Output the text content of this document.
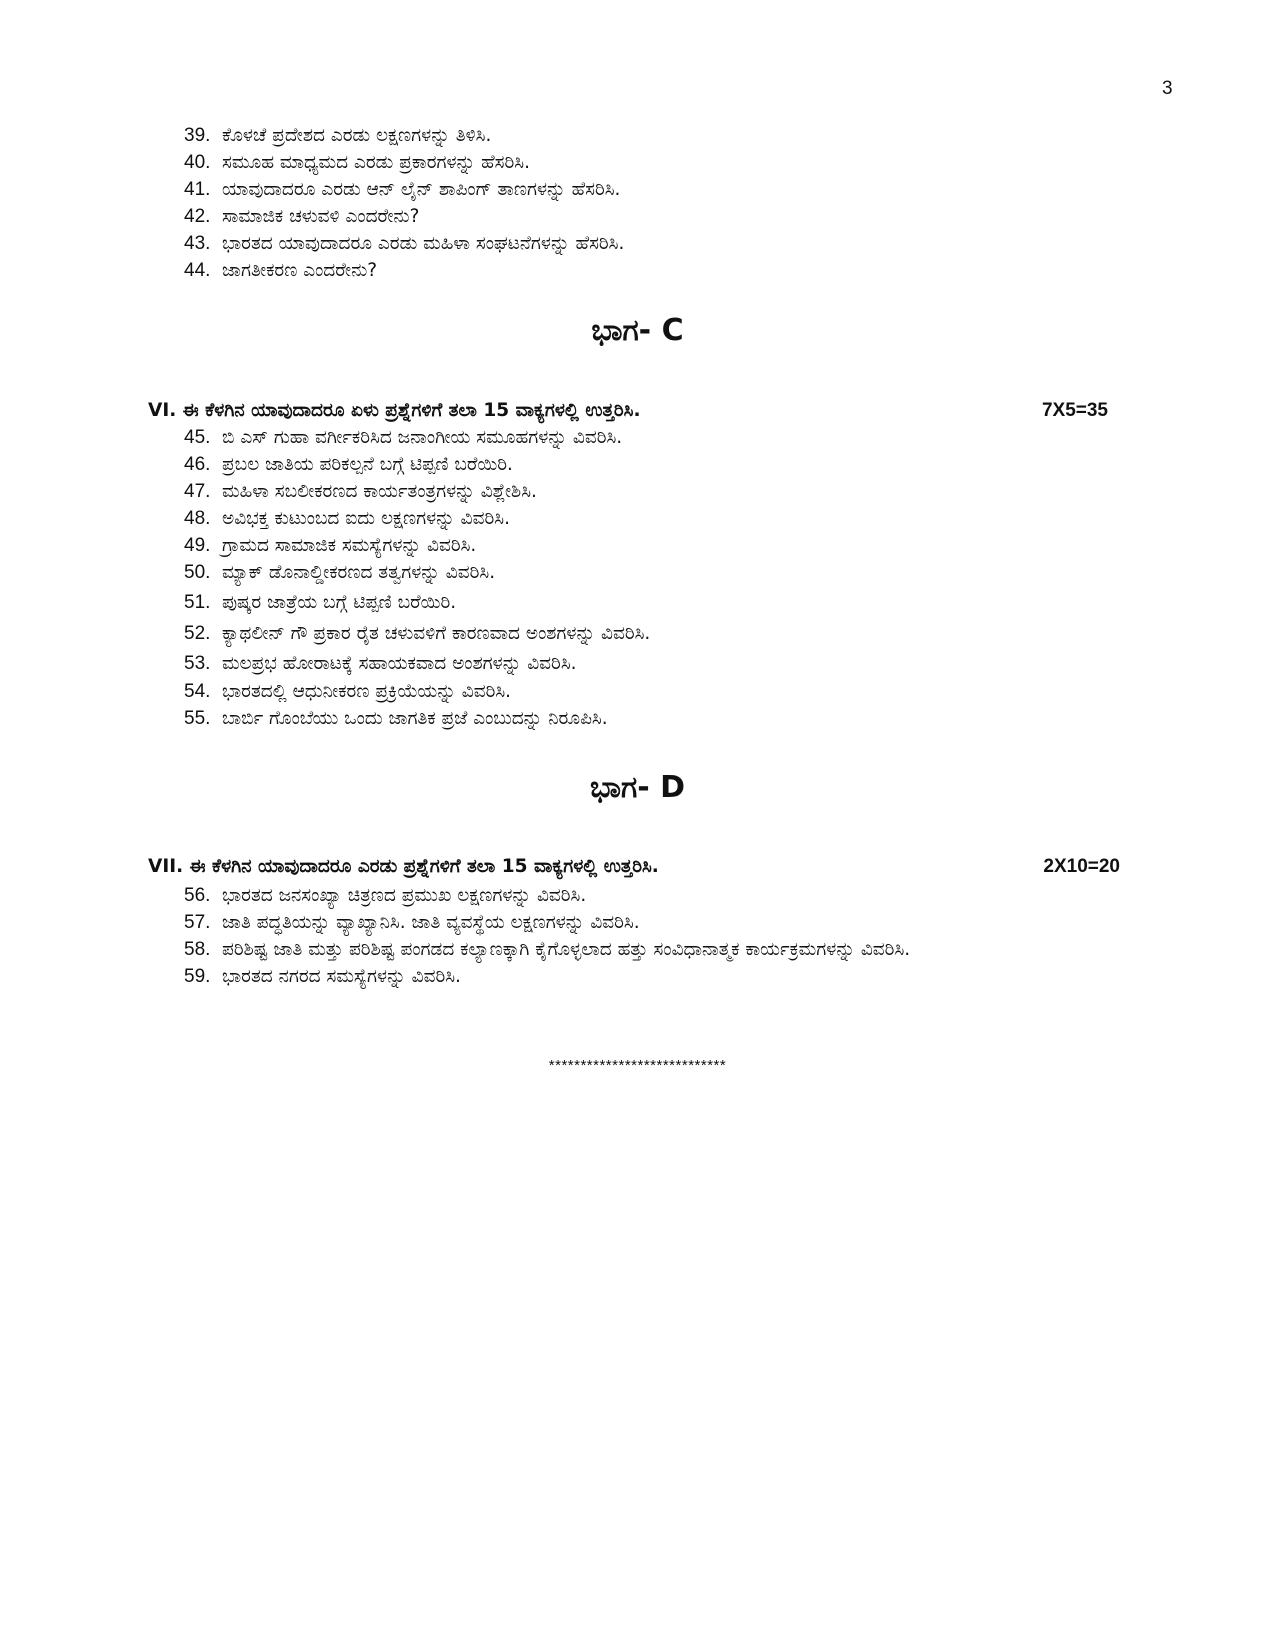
3
39. ಕೊಳಚೆ ಪ್ರದೇಶದ ಎರಡು ಲಕ್ಷಣಗಳನ್ನು ತಿಳಿಸಿ.
40. ಸಮೂಹ ಮಾಧ್ಯಮದ ಎರಡು ಪ್ರಕಾರಗಳನ್ನು ಹೆಸರಿಸಿ.
41. ಯಾವುದಾದರೂ ಎರಡು ಆನ್ ಲೈನ್ ಶಾಪಿಂಗ್ ತಾಣಗಳನ್ನು ಹೆಸರಿಸಿ.
42. ಸಾಮಾಜಿಕ ಚಳುವಳಿ ಎಂದರೇನು?
43. ಭಾರತದ ಯಾವುದಾದರೂ ಎರಡು ಮಹಿಳಾ ಸಂಘಟನೆಗಳನ್ನು ಹೆಸರಿಸಿ.
44. ಜಾಗತೀಕರಣ ಎಂದರೇನು?
ಭಾಗ- C
VI. ಈ ಕೆಳಗಿನ ಯಾವುದಾದರೂ ಏಳು ಪ್ರಶ್ನೆಗಳಿಗೆ ತಲಾ 15 ವಾಕ್ಯಗಳಲ್ಲಿ ಉತ್ತರಿಸಿ.	7X5=35
45. ಬಿ ಎಸ್ ಗುಹಾ ವರ್ಗೀಕರಿಸಿದ ಜನಾಂಗೀಯ ಸಮೂಹಗಳನ್ನು ವಿವರಿಸಿ.
46. ಪ್ರಬಲ ಜಾತಿಯ ಪರಿಕಲ್ಪನೆ ಬಗ್ಗೆ ಟಿಪ್ಪಣಿ ಬರೆಯಿರಿ.
47. ಮಹಿಳಾ ಸಬಲೀಕರಣದ ಕಾರ್ಯತಂತ್ರಗಳನ್ನು ವಿಶ್ಲೇಶಿಸಿ.
48. ಅವಿಭಕ್ತ ಕುಟುಂಬದ ಐದು ಲಕ್ಷಣಗಳನ್ನು ವಿವರಿಸಿ.
49. ಗ್ರಾಮದ ಸಾಮಾಜಿಕ ಸಮಸ್ಯೆಗಳನ್ನು ವಿವರಿಸಿ.
50. ಮ್ಯಾಕ್ ಡೊನಾಲ್ಡೀಕರಣದ ತತ್ವಗಳನ್ನು ವಿವರಿಸಿ.
51. ಪುಷ್ಕರ ಜಾತ್ರೆಯ ಬಗ್ಗೆ ಟಿಪ್ಪಣಿ ಬರೆಯಿರಿ.
52. ಕ್ಯಾಥಲೀನ್ ಗೌ ಪ್ರಕಾರ ರೈತ ಚಳುವಳಿಗೆ ಕಾರಣವಾದ ಅಂಶಗಳನ್ನು ವಿವರಿಸಿ.
53. ಮಲಪ್ರಭ ಹೋರಾಟಕ್ಕೆ ಸಹಾಯಕವಾದ ಅಂಶಗಳನ್ನು ವಿವರಿಸಿ.
54. ಭಾರತದಲ್ಲಿ ಆಧುನೀಕರಣ ಪ್ರಕ್ರಿಯೆಯನ್ನು ವಿವರಿಸಿ.
55. ಬಾರ್ಬಿ ಗೊಂಬೆಯು ಒಂದು ಜಾಗತಿಕ ಪ್ರಜೆ ಎಂಬುದನ್ನು ನಿರೂಪಿಸಿ.
ಭಾಗ- D
VII. ಈ ಕೆಳಗಿನ ಯಾವುದಾದರೂ ಎರಡು ಪ್ರಶ್ನೆಗಳಿಗೆ ತಲಾ 15 ವಾಕ್ಯಗಳಲ್ಲಿ ಉತ್ತರಿಸಿ.	2X10=20
56. ಭಾರತದ ಜನಸಂಖ್ಯಾ ಚಿತ್ರಣದ ಪ್ರಮುಖ ಲಕ್ಷಣಗಳನ್ನು ವಿವರಿಸಿ.
57. ಜಾತಿ ಪದ್ಧತಿಯನ್ನು ವ್ಯಾಖ್ಯಾನಿಸಿ. ಜಾತಿ ವ್ಯವಸ್ಥೆಯ ಲಕ್ಷಣಗಳನ್ನು ವಿವರಿಸಿ.
58. ಪರಿಶಿಷ್ಟ ಜಾತಿ ಮತ್ತು ಪರಿಶಿಷ್ಟ ಪಂಗಡದ ಕಲ್ಯಾಣಕ್ಕಾಗಿ ಕೈಗೊಳ್ಳಲಾದ ಹತ್ತು ಸಂವಿಧಾನಾತ್ಮಕ ಕಾರ್ಯಕ್ರಮಗಳನ್ನು ವಿವರಿಸಿ.
59. ಭಾರತದ ನಗರದ ಸಮಸ್ಯೆಗಳನ್ನು ವಿವರಿಸಿ.
****************************
